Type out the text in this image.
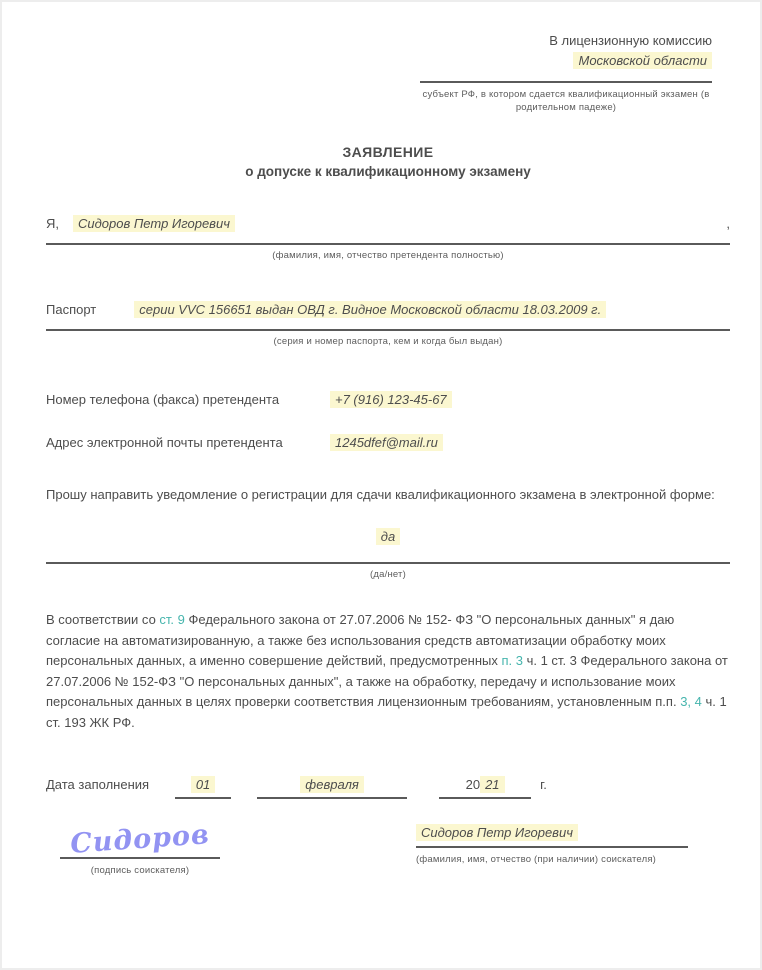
В лицензионную комиссию
Московской области
субъект РФ, в котором сдается квалификационный экзамен (в родительном падеже)
ЗАЯВЛЕНИЕ
о допуске к квалификационному экзамену
Я,	Сидоров Петр Игоревич	,
(фамилия, имя, отчество претендента полностью)
Паспорт	серии VVC 156651 выдан ОВД г. Видное Московской области 18.03.2009 г.
(серия и номер паспорта, кем и когда был выдан)
Номер телефона (факса) претендента	+7 (916) 123-45-67
Адрес электронной почты претендента	1245dfef@mail.ru
Прошу направить уведомление о регистрации для сдачи квалификационного экзамена в электронной форме:
да
(да/нет)
В соответствии со ст. 9 Федерального закона от 27.07.2006 № 152- ФЗ "О персональных данных" я даю согласие на автоматизированную, а также без использования средств автоматизации обработку моих персональных данных, а именно совершение действий, предусмотренных п. 3 ч. 1 ст. 3 Федерального закона от 27.07.2006 № 152-ФЗ "О персональных данных", а также на обработку, передачу и использование моих персональных данных в целях проверки соответствия лицензионным требованиям, установленным п.п. 3, 4 ч. 1 ст. 193 ЖК РФ.
Дата заполнения	01	февраля	20 21	г.
Сидоров
(подпись соискателя)
Сидоров Петр Игоревич
(фамилия, имя, отчество (при наличии) соискателя)
